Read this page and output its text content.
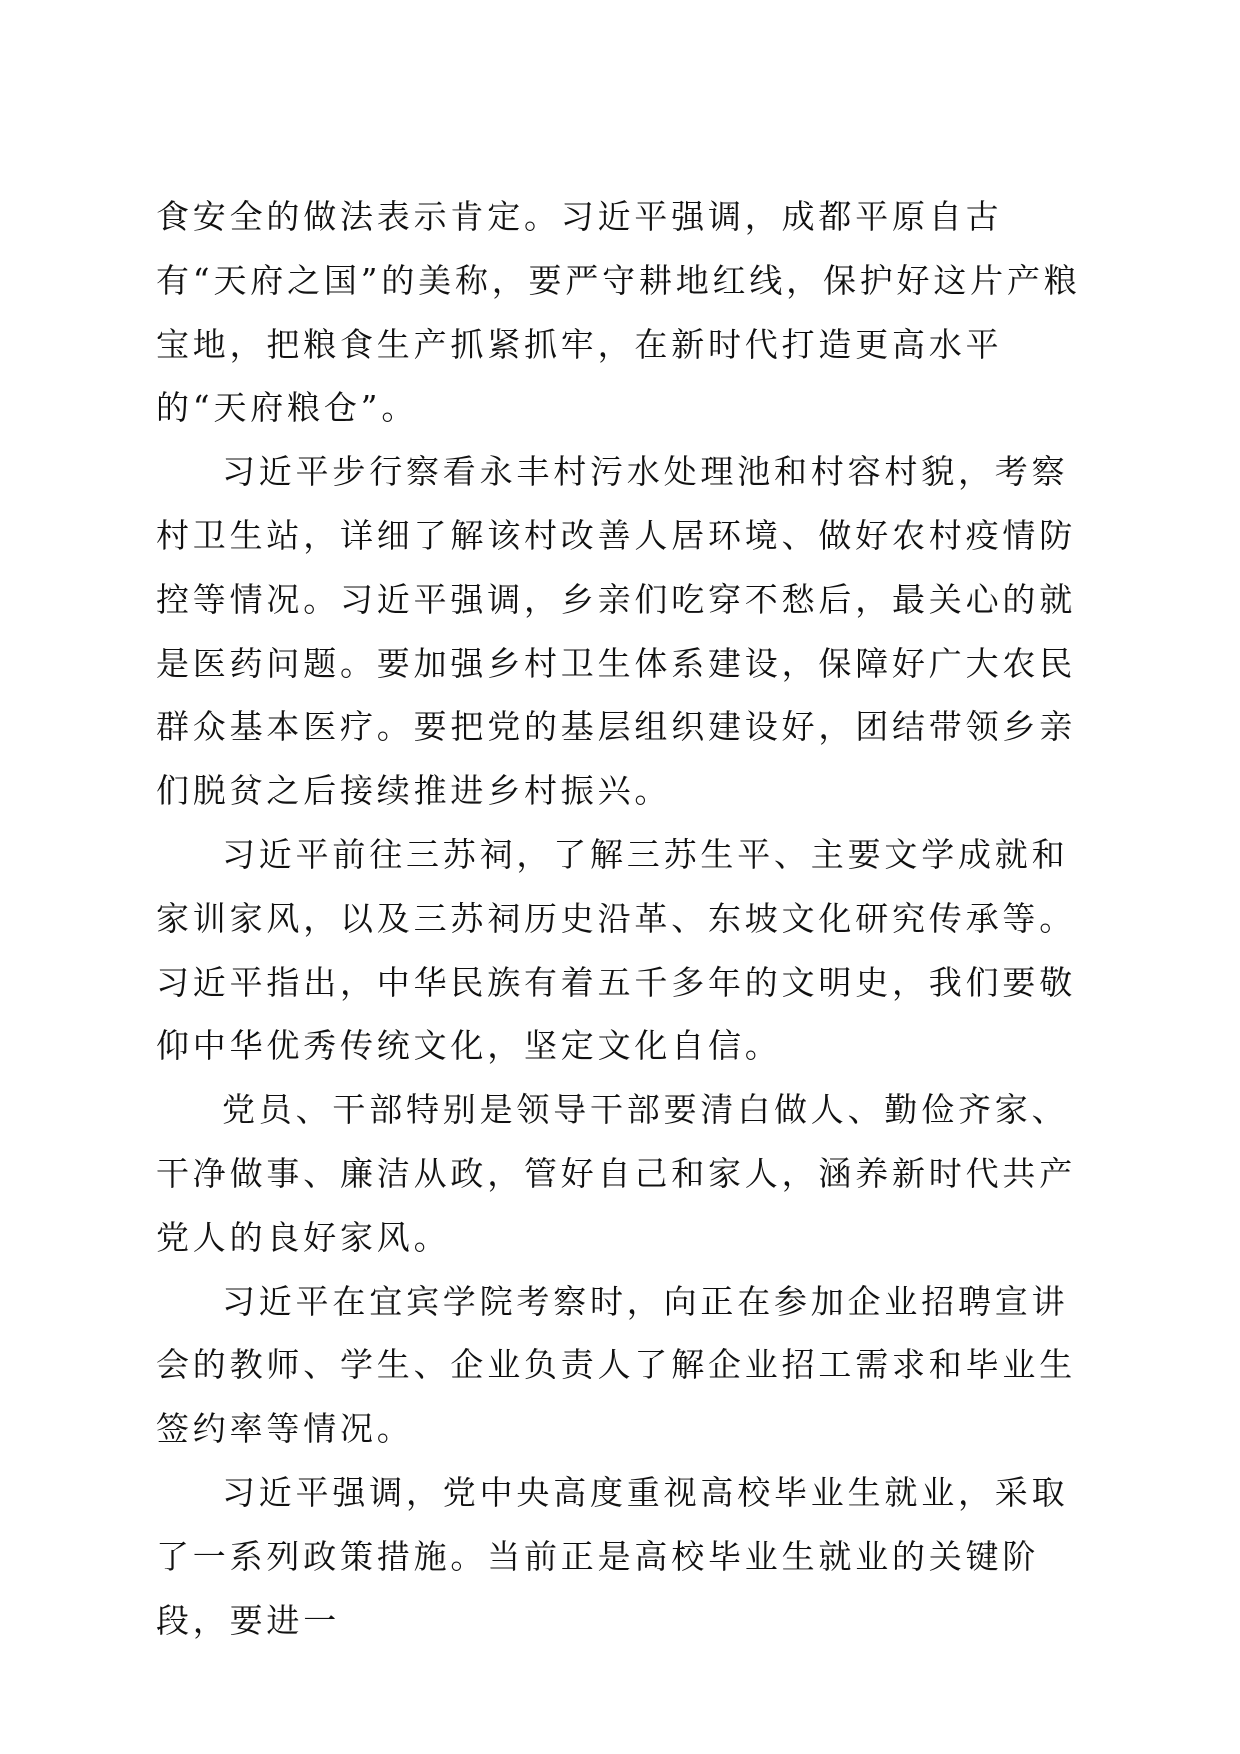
食安全的做法表示肯定。习近平强调，成都平原自古有“天府之国”的美称，要严守耕地红线，保护好这片产粮宝地，把粮食生产抓紧抓牢，在新时代打造更高水平的“天府粮仓”。

习近平步行察看永丰村污水处理池和村容村貌，考察村卫生站，详细了解该村改善人居环境、做好农村疫情防控等情况。习近平强调，乡亲们吃穿不愁后，最关心的就是医药问题。要加强乡村卫生体系建设，保障好广大农民群众基本医疗。要把党的基层组织建设好，团结带领乡亲们脱贫之后接续推进乡村振兴。

习近平前往三苏祠，了解三苏生平、主要文学成就和家训家风，以及三苏祠历史沿革、东坡文化研究传承等。习近平指出，中华民族有着五千多年的文明史，我们要敬仰中华优秀传统文化，坚定文化自信。

党员、干部特别是领导干部要清白做人、勤俭齐家、干净做事、廉洁从政，管好自己和家人，涵养新时代共产党人的良好家风。

习近平在宜宾学院考察时，向正在参加企业招聘宣讲会的教师、学生、企业负责人了解企业招工需求和毕业生签约率等情况。

习近平强调，党中央高度重视高校毕业生就业，采取了一系列政策措施。当前正是高校毕业生就业的关键阶段，要进一
